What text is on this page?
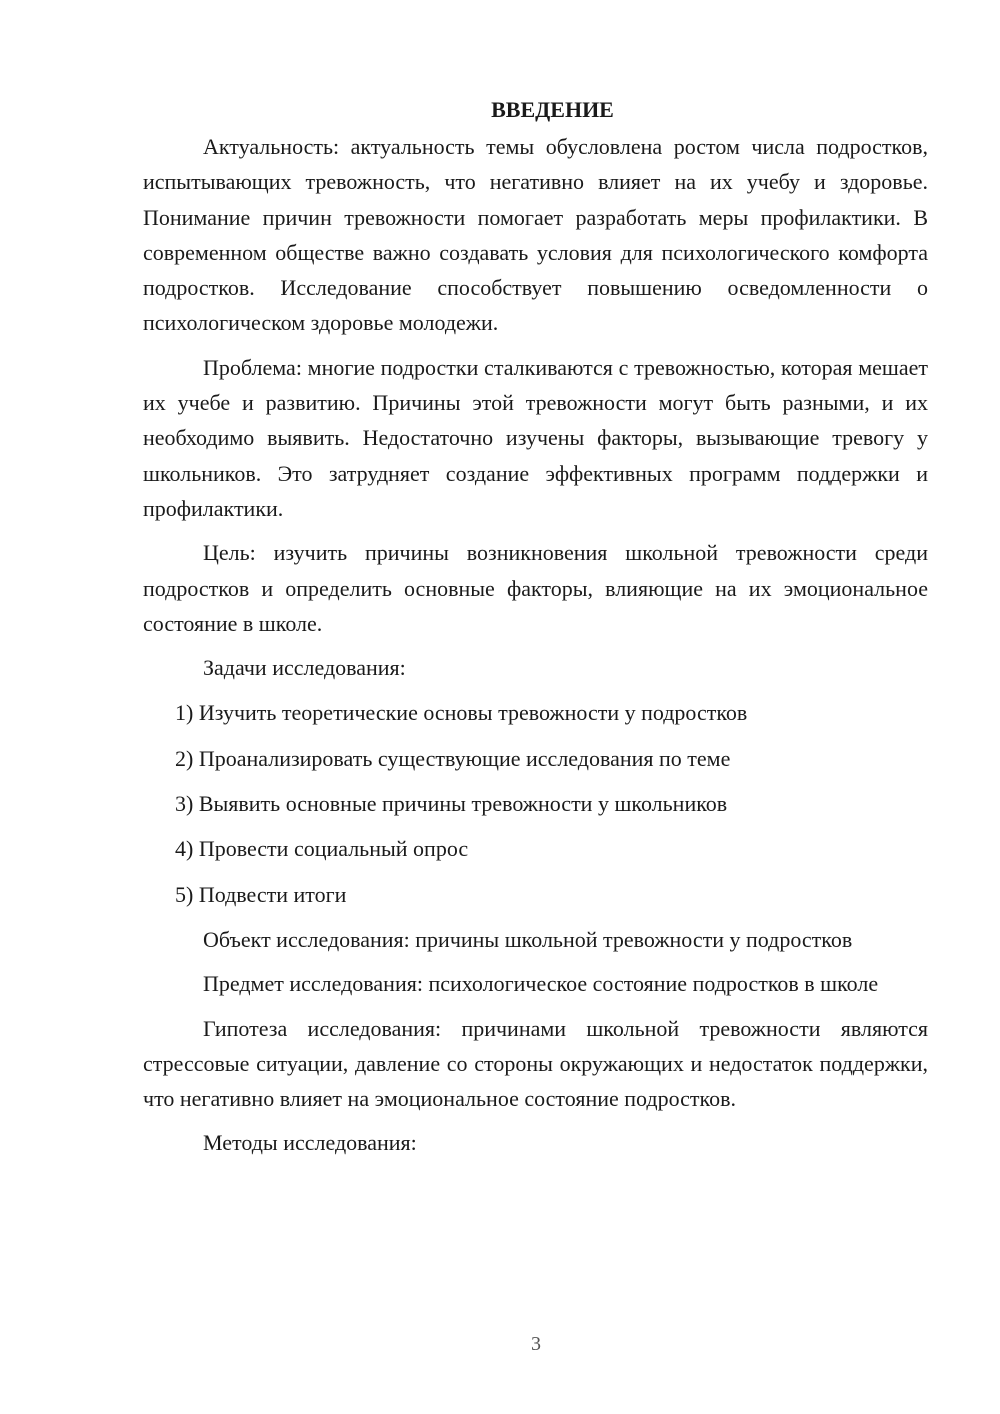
ВВЕДЕНИЕ

Актуальность: актуальность темы обусловлена ростом числа подростков, испытывающих тревожность, что негативно влияет на их учебу и здоровье. Понимание причин тревожности помогает разработать меры профилактики. В современном обществе важно создавать условия для психологического комфорта подростков. Исследование способствует повышению осведомленности о психологическом здоровье молодежи.

Проблема: многие подростки сталкиваются с тревожностью, которая мешает их учебе и развитию. Причины этой тревожности могут быть разными, и их необходимо выявить. Недостаточно изучены факторы, вызывающие тревогу у школьников. Это затрудняет создание эффективных программ поддержки и профилактики.

Цель: изучить причины возникновения школьной тревожности среди подростков и определить основные факторы, влияющие на их эмоциональное состояние в школе.

Задачи исследования:

1) Изучить теоретические основы тревожности у подростков
2) Проанализировать существующие исследования по теме
3) Выявить основные причины тревожности у школьников
4) Провести социальный опрос
5) Подвести итоги

Объект исследования: причины школьной тревожности у подростков

Предмет исследования: психологическое состояние подростков в школе

Гипотеза исследования: причинами школьной тревожности являются стрессовые ситуации, давление со стороны окружающих и недостаток поддержки, что негативно влияет на эмоциональное состояние подростков.

Методы исследования:

3
